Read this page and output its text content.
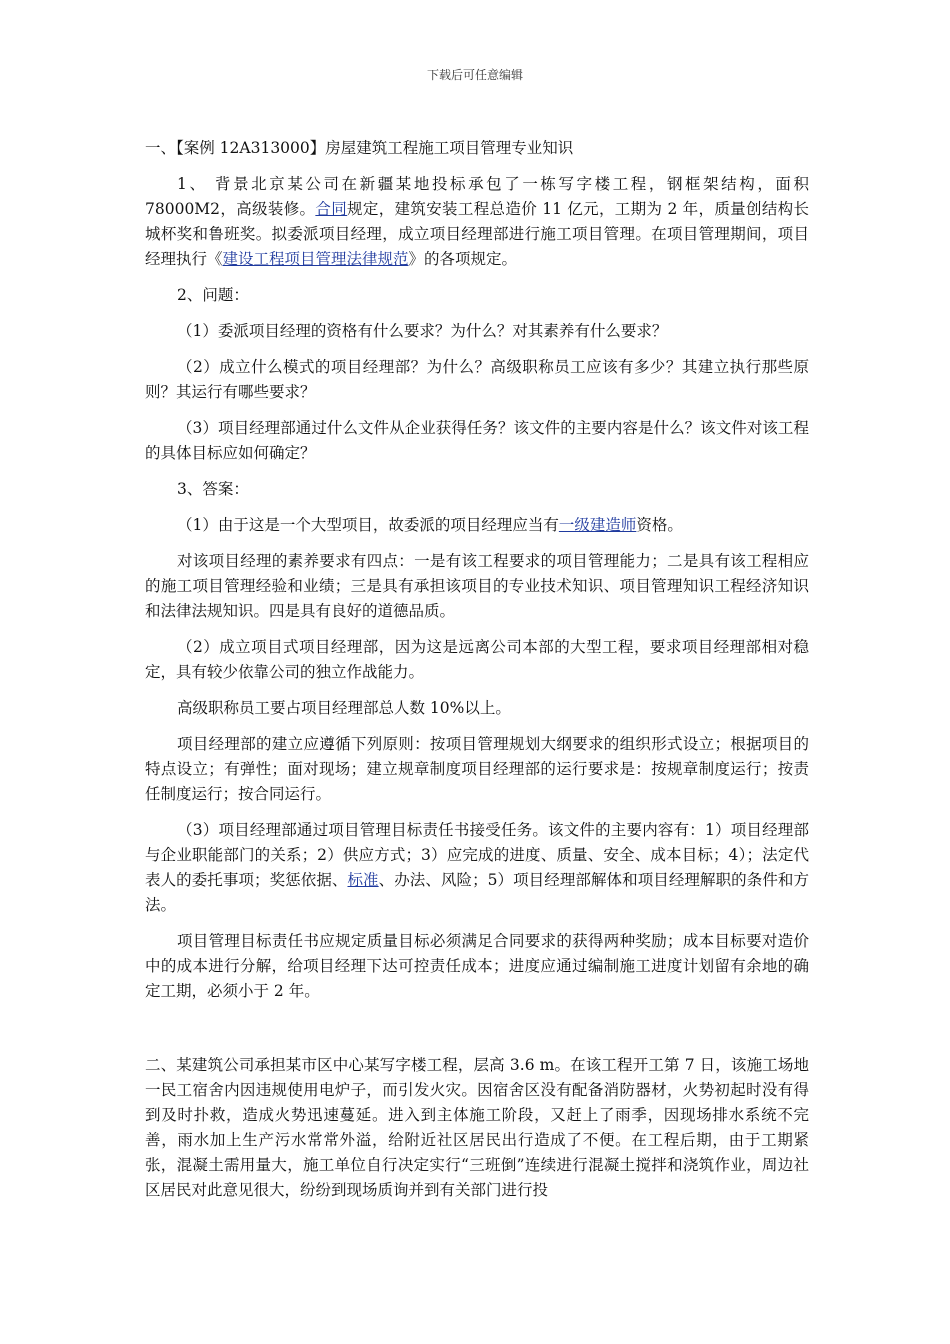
下载后可任意编辑

一、【案例 12A313000】房屋建筑工程施工项目管理专业知识

1、 背景北京某公司在新疆某地投标承包了一栋写字楼工程，钢框架结构，面积78000M2，高级装修。合同规定，建筑安装工程总造价 11 亿元，工期为 2 年，质量创结构长城杯奖和鲁班奖。拟委派项目经理，成立项目经理部进行施工项目管理。在项目管理期间，项目经理执行《建设工程项目管理法律规范》的各项规定。

2、问题：

（1）委派项目经理的资格有什么要求？为什么？对其素养有什么要求？

（2）成立什么模式的项目经理部？为什么？高级职称员工应该有多少？其建立执行那些原则？其运行有哪些要求？

（3）项目经理部通过什么文件从企业获得任务？该文件的主要内容是什么？该文件对该工程的具体目标应如何确定？

3、答案：

（1）由于这是一个大型项目，故委派的项目经理应当有一级建造师资格。

对该项目经理的素养要求有四点：一是有该工程要求的项目管理能力；二是具有该工程相应的施工项目管理经验和业绩；三是具有承担该项目的专业技术知识、项目管理知识工程经济知识和法律法规知识。四是具有良好的道德品质。

（2）成立项目式项目经理部，因为这是远离公司本部的大型工程，要求项目经理部相对稳定，具有较少依靠公司的独立作战能力。

高级职称员工要占项目经理部总人数 10%以上。

项目经理部的建立应遵循下列原则：按项目管理规划大纲要求的组织形式设立；根据项目的特点设立；有弹性；面对现场；建立规章制度项目经理部的运行要求是：按规章制度运行；按责任制度运行；按合同运行。

（3）项目经理部通过项目管理目标责任书接受任务。该文件的主要内容有：1）项目经理部与企业职能部门的关系；2）供应方式；3）应完成的进度、质量、安全、成本目标；4）；法定代表人的委托事项；奖惩依据、标准、办法、风险；5）项目经理部解体和项目经理解职的条件和方法。

项目管理目标责任书应规定质量目标必须满足合同要求的获得两种奖励；成本目标要对造价中的成本进行分解，给项目经理下达可控责任成本；进度应通过编制施工进度计划留有余地的确定工期，必须小于 2 年。

二、某建筑公司承担某市区中心某写字楼工程，层高 3.6 m。在该工程开工第 7 日，该施工场地一民工宿舍内因违规使用电炉子，而引发火灾。因宿舍区没有配备消防器材，火势初起时没有得到及时扑救，造成火势迅速蔓延。进入到主体施工阶段，又赶上了雨季，因现场排水系统不完善，雨水加上生产污水常常外溢，给附近社区居民出行造成了不便。在工程后期，由于工期紧张，混凝土需用量大，施工单位自行决定实行“三班倒”连续进行混凝土搅拌和浇筑作业，周边社区居民对此意见很大，纷纷到现场质询并到有关部门进行投
